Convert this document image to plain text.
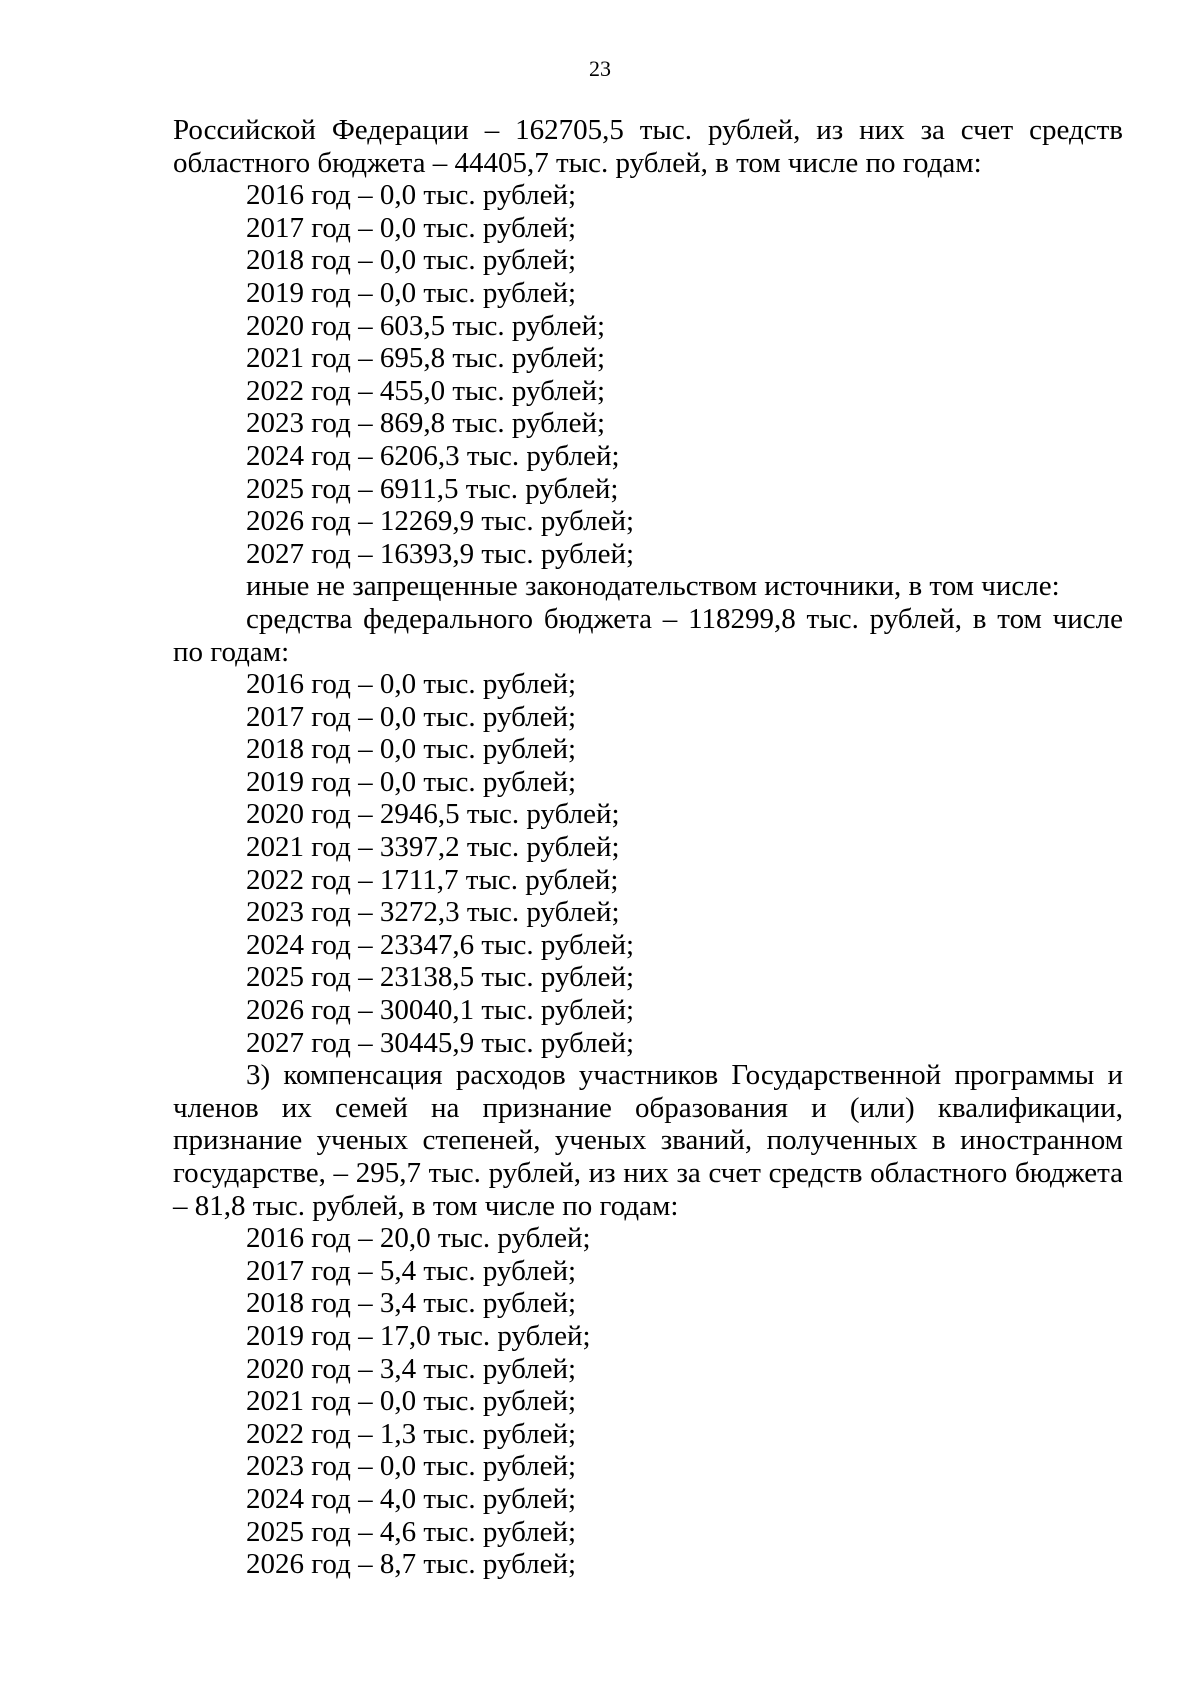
23

Российской Федерации – 162705,5 тыс. рублей, из них за счет средств областного бюджета – 44405,7 тыс. рублей, в том числе по годам:

2016 год – 0,0 тыс. рублей;
2017 год – 0,0 тыс. рублей;
2018 год – 0,0 тыс. рублей;
2019 год – 0,0 тыс. рублей;
2020 год – 603,5 тыс. рублей;
2021 год – 695,8 тыс. рублей;
2022 год – 455,0 тыс. рублей;
2023 год – 869,8 тыс. рублей;
2024 год – 6206,3 тыс. рублей;
2025 год – 6911,5 тыс. рублей;
2026 год – 12269,9 тыс. рублей;
2027 год – 16393,9 тыс. рублей;
иные не запрещенные законодательством источники, в том числе:

средства федерального бюджета – 118299,8 тыс. рублей, в том числе по годам:

2016 год – 0,0 тыс. рублей;
2017 год – 0,0 тыс. рублей;
2018 год – 0,0 тыс. рублей;
2019 год – 0,0 тыс. рублей;
2020 год – 2946,5 тыс. рублей;
2021 год – 3397,2 тыс. рублей;
2022 год – 1711,7 тыс. рублей;
2023 год – 3272,3 тыс. рублей;
2024 год – 23347,6 тыс. рублей;
2025 год – 23138,5 тыс. рублей;
2026 год – 30040,1 тыс. рублей;
2027 год – 30445,9 тыс. рублей;

3) компенсация расходов участников Государственной программы и членов их семей на признание образования и (или) квалификации, признание ученых степеней, ученых званий, полученных в иностранном государстве, – 295,7 тыс. рублей, из них за счет средств областного бюджета – 81,8 тыс. рублей, в том числе по годам:

2016 год – 20,0 тыс. рублей;
2017 год – 5,4 тыс. рублей;
2018 год – 3,4 тыс. рублей;
2019 год – 17,0 тыс. рублей;
2020 год – 3,4 тыс. рублей;
2021 год – 0,0 тыс. рублей;
2022 год – 1,3 тыс. рублей;
2023 год – 0,0 тыс. рублей;
2024 год – 4,0 тыс. рублей;
2025 год – 4,6 тыс. рублей;
2026 год – 8,7 тыс. рублей;
